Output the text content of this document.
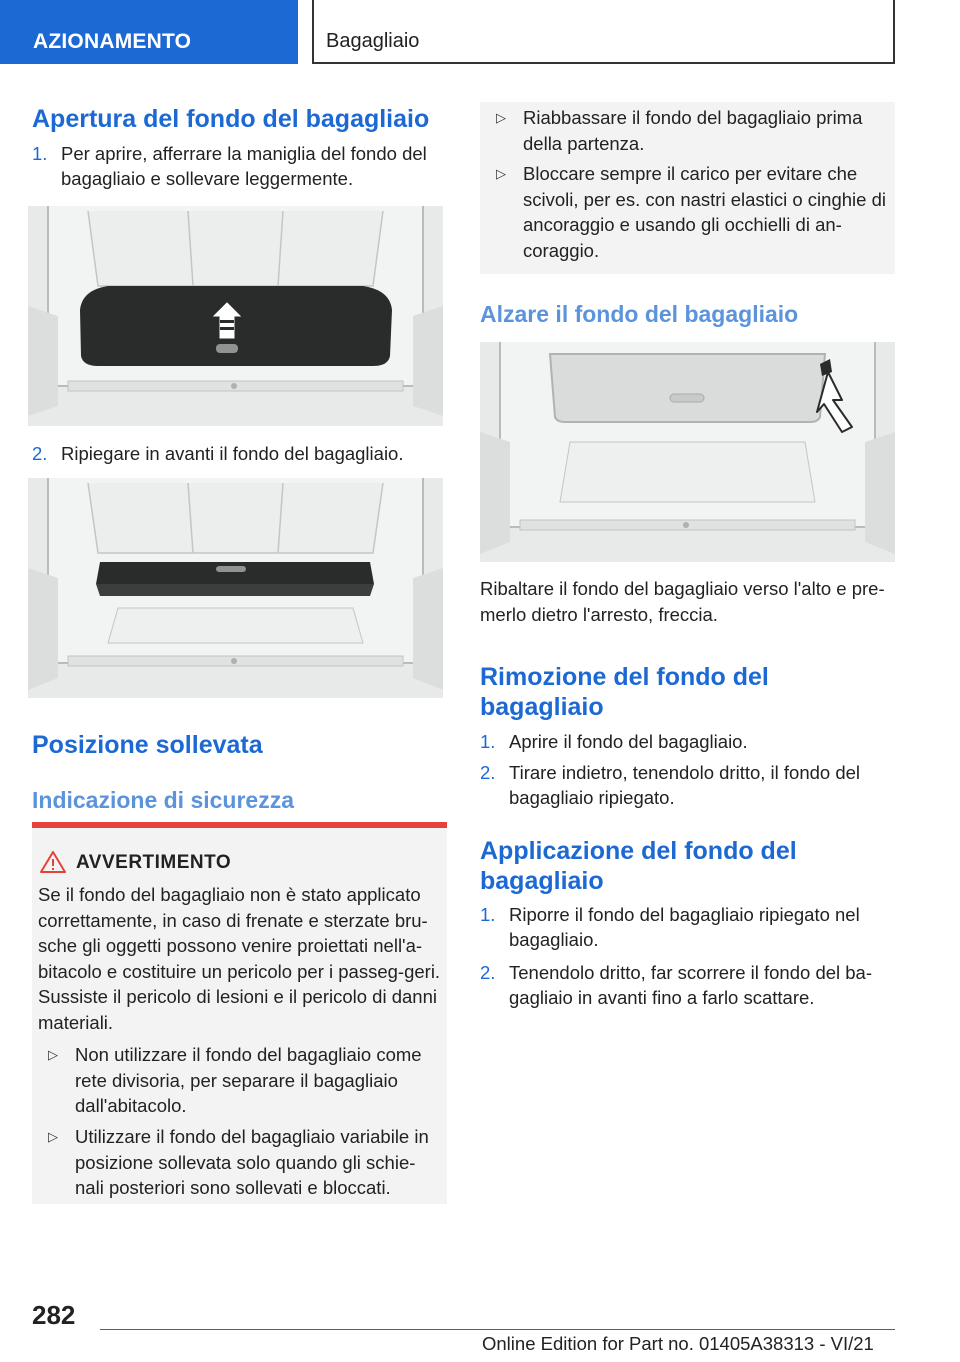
AZIONAMENTO	Bagagliaio
Apertura del fondo del bagagliaio
1. Per aprire, afferrare la maniglia del fondo del bagagliaio e sollevare leggermente.
2. Ripiegare in avanti il fondo del bagagliaio.
Posizione sollevata
Indicazione di sicurezza
AVVERTIMENTO
Se il fondo del bagagliaio non è stato applicato correttamente, in caso di frenate e sterzate bru-sche gli oggetti possono venire proiettati nell'a-bitacolo e costituire un pericolo per i passeg-geri. Sussiste il pericolo di lesioni e il pericolo di danni materiali.
▷ Non utilizzare il fondo del bagagliaio come rete divisoria, per separare il bagagliaio dall'abitacolo.
▷ Utilizzare il fondo del bagagliaio variabile in posizione sollevata solo quando gli schie-nali posteriori sono sollevati e bloccati.
▷ Riabbassare il fondo del bagagliaio prima della partenza.
▷ Bloccare sempre il carico per evitare che scivoli, per es. con nastri elastici o cinghie di ancoraggio e usando gli occhielli di an-coraggio.
Alzare il fondo del bagagliaio
Ribaltare il fondo del bagagliaio verso l'alto e pre-merlo dietro l'arresto, freccia.
Rimozione del fondo del bagagliaio
1. Aprire il fondo del bagagliaio.
2. Tirare indietro, tenendolo dritto, il fondo del bagagliaio ripiegato.
Applicazione del fondo del bagagliaio
1. Riporre il fondo del bagagliaio ripiegato nel bagagliaio.
2. Tenendolo dritto, far scorrere il fondo del ba-gagliaio in avanti fino a farlo scattare.
282
Online Edition for Part no. 01405A38313 - VI/21
